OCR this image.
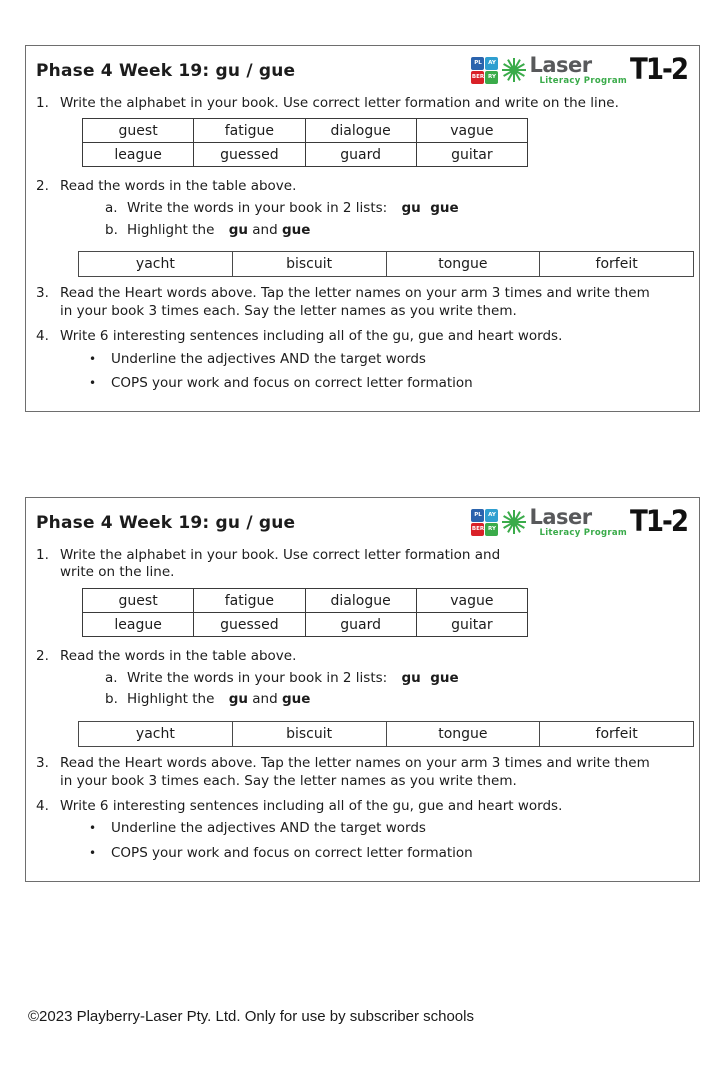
Phase 4 Week 19: gu / gue	PL	AY
BER RY
Laser
Literacy Program T1-2
1. Write the alphabet in your book. Use correct letter formation and write on the line.
guest	fatigue	dialogue	vague
league	guessed	guard	guitar
2. Read the words in the table above.
a. Write the words in your book in 2 lists: gu  gue
b. Highlight the gu and gue
yacht	biscuit	tongue	forfeit
3. Read the Heart words above. Tap the letter names on your arm 3 times and write them in your book 3 times each. Say the letter names as you write them.
4. Write 6 interesting sentences including all of the gu, gue and heart words.
•	Underline the adjectives AND the target words
•	COPS your work and focus on correct letter formation
Phase 4 Week 19: gu / gue	PL	AY
BER RY
Laser
Literacy Program T1-2
1. Write the alphabet in your book. Use correct letter formation and write on the line.
guest	fatigue	dialogue	vague
league	guessed	guard	guitar
2. Read the words in the table above.
a. Write the words in your book in 2 lists: gu  gue
b. Highlight the gu and gue
yacht	biscuit	tongue	forfeit
3. Read the Heart words above. Tap the letter names on your arm 3 times and write them in your book 3 times each. Say the letter names as you write them.
4. Write 6 interesting sentences including all of the gu, gue and heart words.
•	Underline the adjectives AND the target words
•	COPS your work and focus on correct letter formation
©2023 Playberry-Laser Pty. Ltd. Only for use by subscriber schools
